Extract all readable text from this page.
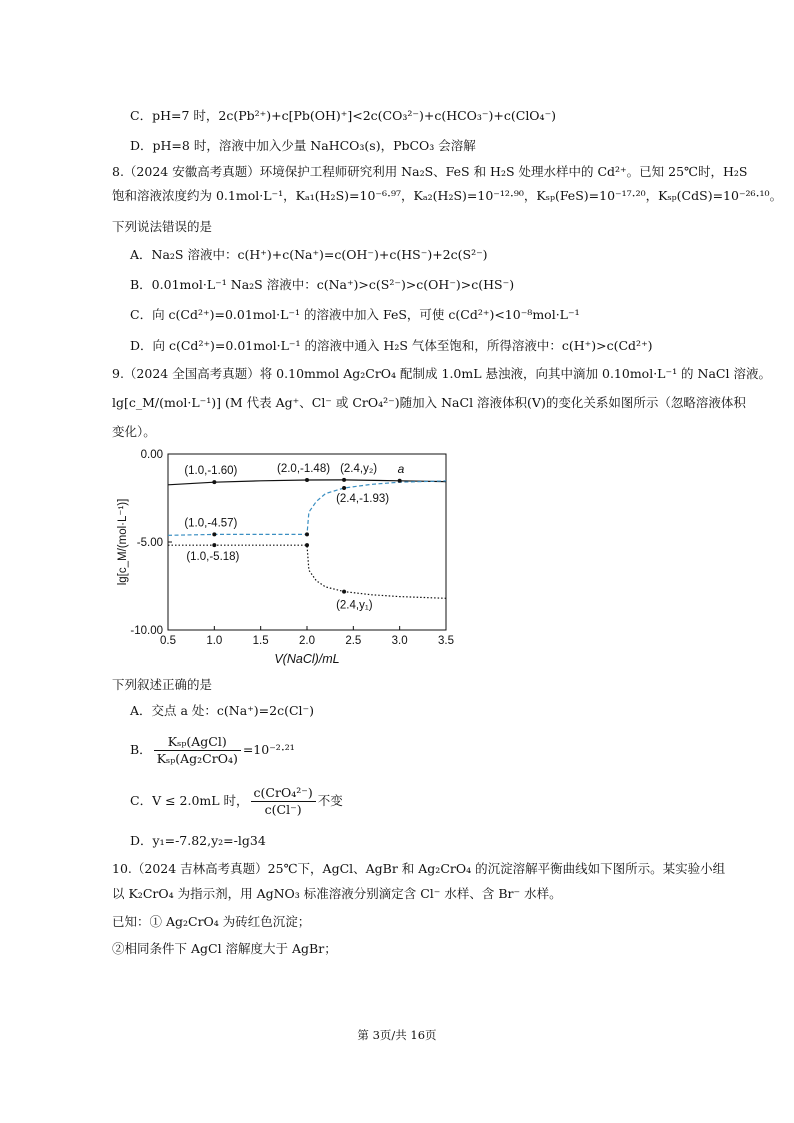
C．pH=7 时，2c(Pb²⁺)+c[Pb(OH)⁺]<2c(CO₃²⁻)+c(HCO₃⁻)+c(ClO₄⁻)
D．pH=8 时，溶液中加入少量 NaHCO₃(s)，PbCO₃ 会溶解
8.（2024 安徽高考真题）环境保护工程师研究利用 Na₂S、FeS 和 H₂S 处理水样中的 Cd²⁺。已知 25℃时，H₂S
饱和溶液浓度约为 0.1mol·L⁻¹，Kₐ₁(H₂S)=10⁻⁶·⁹⁷，Kₐ₂(H₂S)=10⁻¹²·⁹⁰，Kₛₚ(FeS)=10⁻¹⁷·²⁰，Kₛₚ(CdS)=10⁻²⁶·¹⁰。
下列说法错误的是
A．Na₂S 溶液中：c(H⁺)+c(Na⁺)=c(OH⁻)+c(HS⁻)+2c(S²⁻)
B．0.01mol·L⁻¹ Na₂S 溶液中：c(Na⁺)>c(S²⁻)>c(OH⁻)>c(HS⁻)
C．向 c(Cd²⁺)=0.01mol·L⁻¹ 的溶液中加入 FeS，可使 c(Cd²⁺)<10⁻⁸mol·L⁻¹
D．向 c(Cd²⁺)=0.01mol·L⁻¹ 的溶液中通入 H₂S 气体至饱和，所得溶液中：c(H⁺)>c(Cd²⁺)
9.（2024 全国高考真题）将 0.10mmol Ag₂CrO₄ 配制成 1.0mL 悬浊液，向其中滴加 0.10mol·L⁻¹ 的 NaCl 溶液。
lg[c_M/(mol·L⁻¹)] (M 代表 Ag⁺、Cl⁻ 或 CrO₄²⁻)随加入 NaCl 溶液体积(V)的变化关系如图所示（忽略溶液体积
变化）。
0.5	1.0	1.5	2.0	2.5	3.0	3.5
0.00
-5.00
-10.00
V(NaCl)/mL
lg[c_M/(mol·L⁻¹)]
(1.0,-1.60)	(2.0,-1.48) (2.4,y₂)
(2.4,-1.93)
(1.0,-4.57)
(1.0,-5.18)
(2.4,y₁)
a
下列叙述正确的是
A．交点 a 处：c(Na⁺)=2c(Cl⁻)
B． $\frac{\text{Kₛₚ(AgCl)}}{\text{Kₛₚ(Ag₂CrO₄)}} =10^{-2}\cdot^{21}$
C．V ≤ 2.0mL 时， $\frac{\text{c(CrO₄²⁻)}}{c(Cl^-)}$ 不变
D．y₁=-7.82,y₂=-lg34
10.（2024 吉林高考真题）25℃下，AgCl、AgBr 和 Ag₂CrO₄ 的沉淀溶解平衡曲线如下图所示。某实验小组
以 K₂CrO₄ 为指示剂，用 AgNO₃ 标准溶液分别滴定含 Cl⁻ 水样、含 Br⁻ 水样。
已知：① Ag₂CrO₄ 为砖红色沉淀；
②相同条件下 AgCl 溶解度大于 AgBr；
第 3页/共 16页
